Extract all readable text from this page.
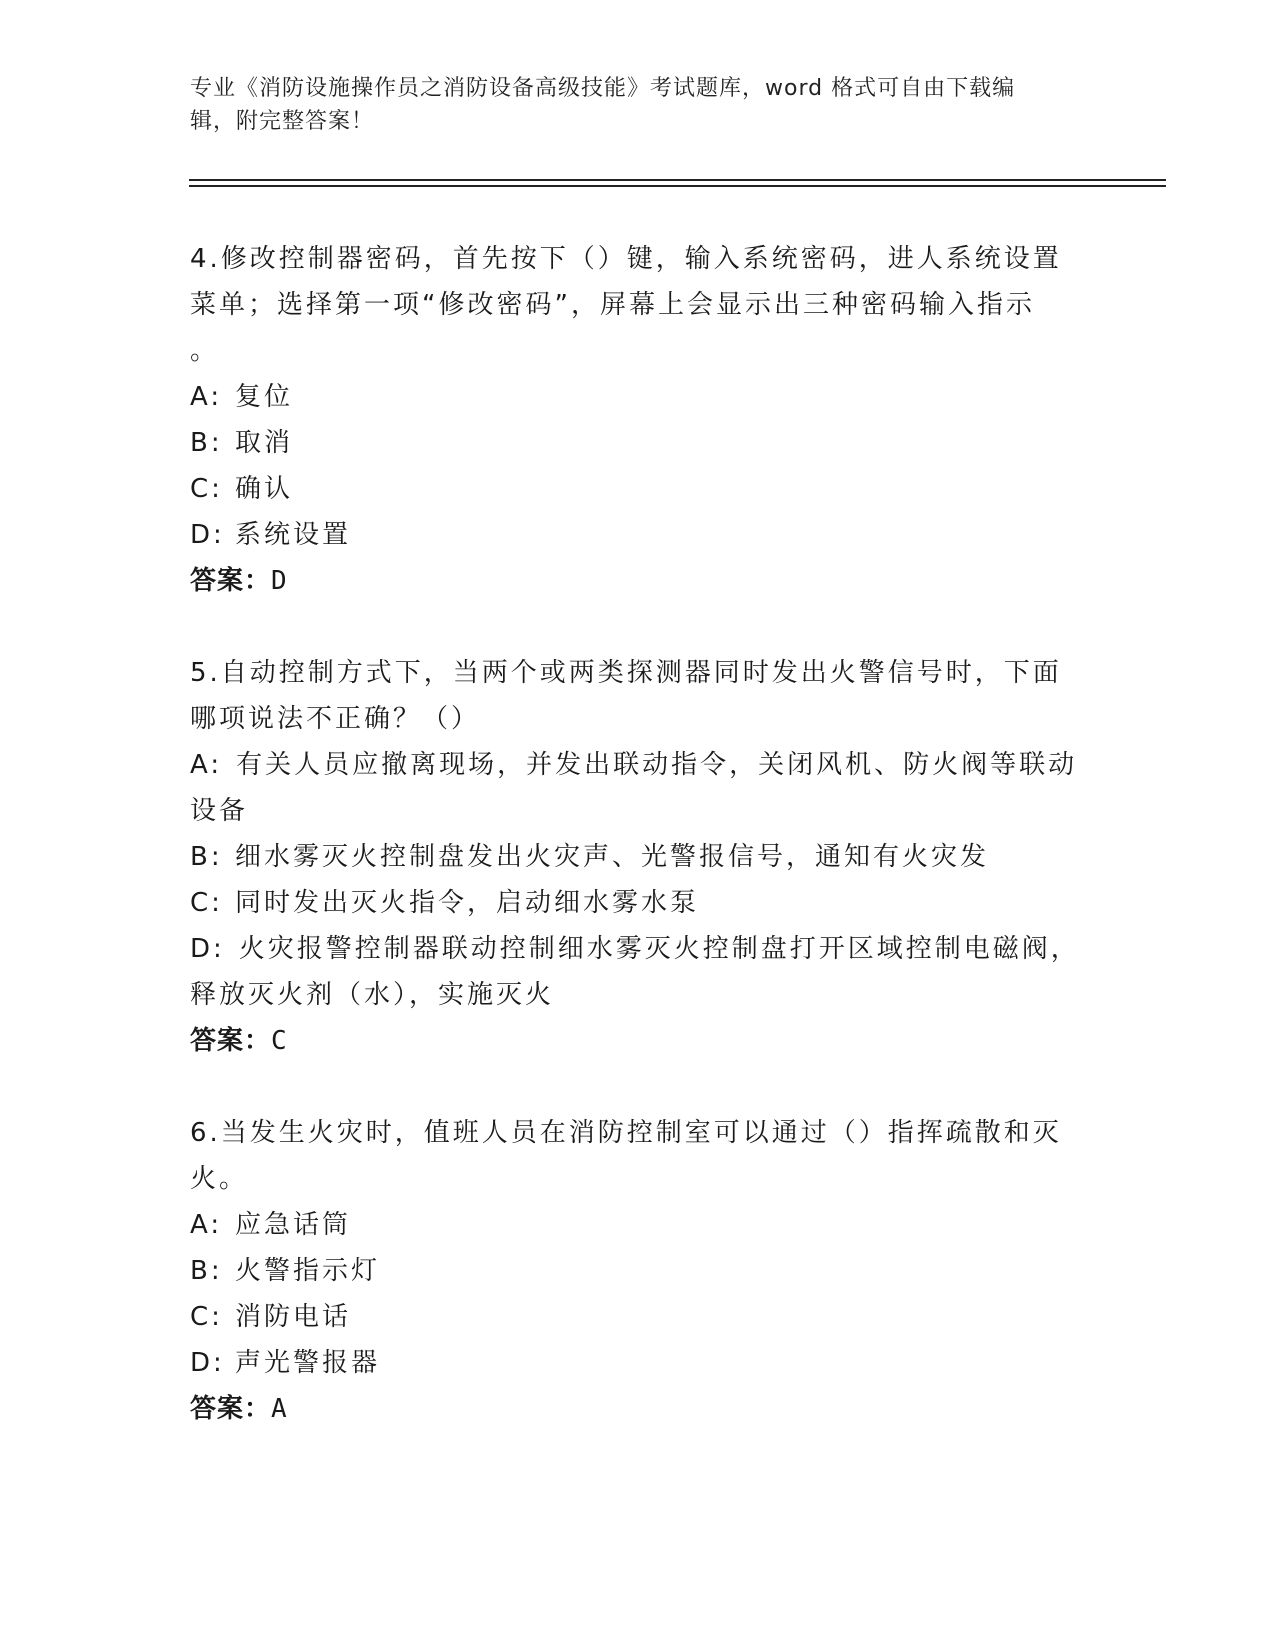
专业《消防设施操作员之消防设备高级技能》考试题库，word 格式可自由下载编
辑，附完整答案！
4.修改控制器密码，首先按下（）键，输入系统密码，进人系统设置
菜单；选择第一项“修改密码”，屏幕上会显示出三种密码输入指示
。
A: 复位
B: 取消
C: 确认
D: 系统设置
答案：D
5.自动控制方式下，当两个或两类探测器同时发出火警信号时，下面
哪项说法不正确？（）
A: 有关人员应撤离现场，并发出联动指令，关闭风机、防火阀等联动
设备
B: 细水雾灭火控制盘发出火灾声、光警报信号，通知有火灾发
C: 同时发出灭火指令，启动细水雾水泵
D: 火灾报警控制器联动控制细水雾灭火控制盘打开区域控制电磁阀，
释放灭火剂（水），实施灭火
答案：C
6.当发生火灾时，值班人员在消防控制室可以通过（）指挥疏散和灭
火。
A: 应急话筒
B: 火警指示灯
C: 消防电话
D: 声光警报器
答案：A
